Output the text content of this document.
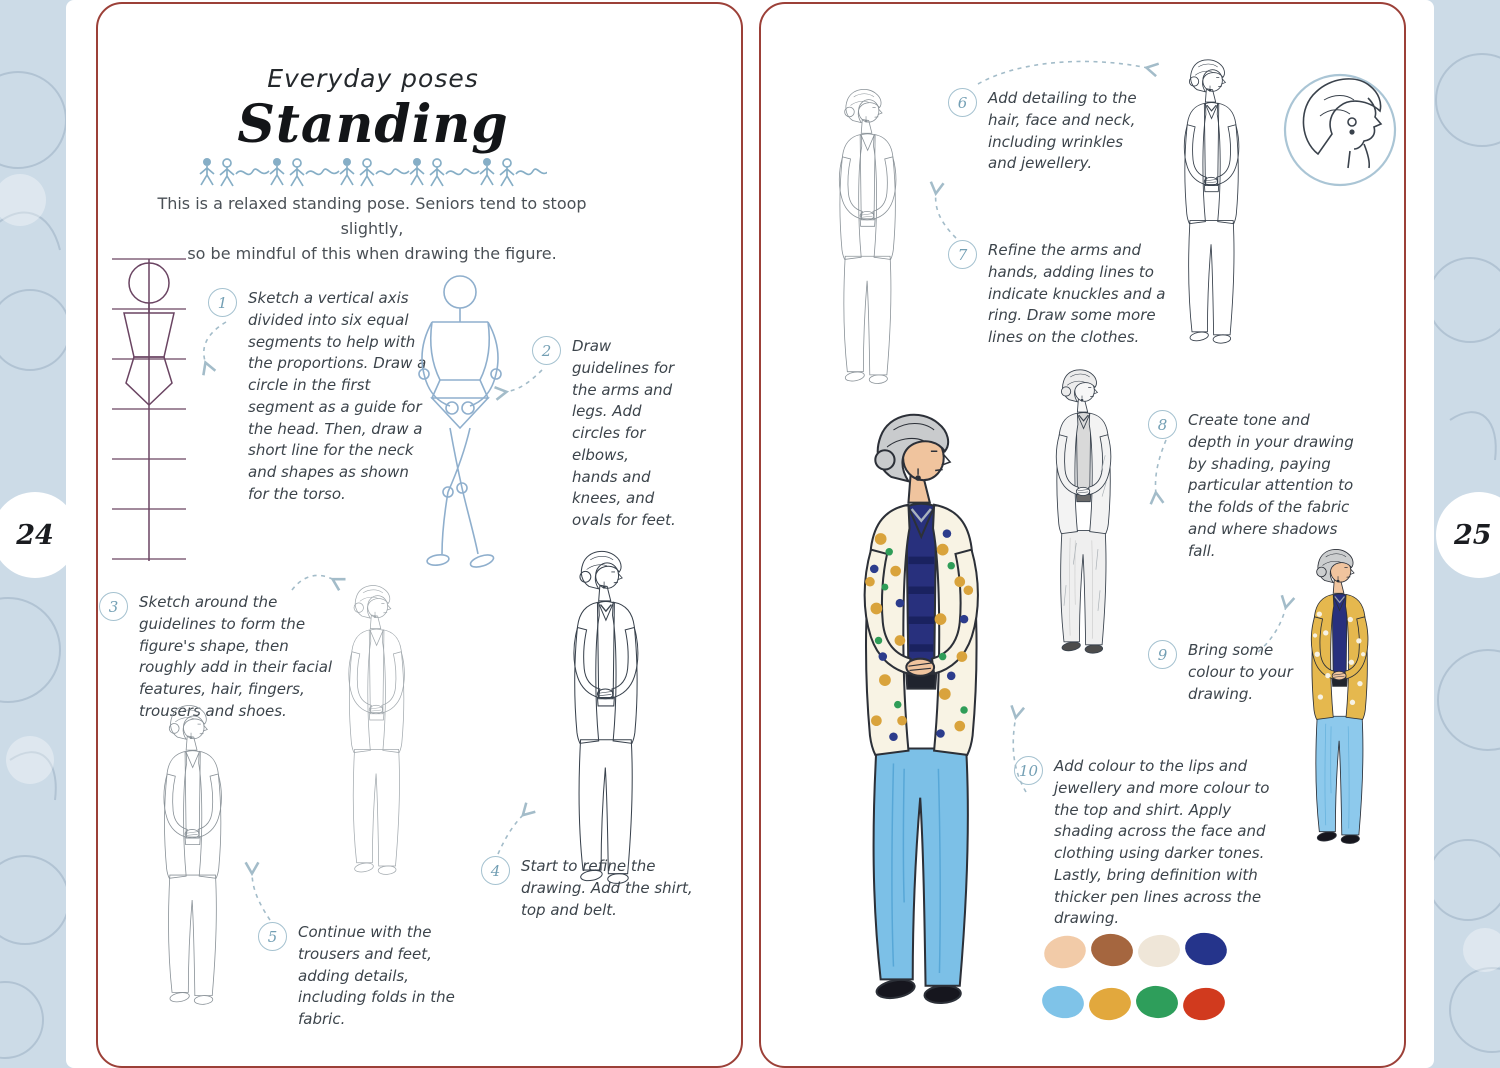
Everyday poses
Standing
This is a relaxed standing pose. Seniors tend to stoop slightly,
so be mindful of this when drawing the figure.
1	Sketch a vertical axis divided into six equal segments to help with the proportions. Draw a circle in the first segment as a guide for the head. Then, draw a short line for the neck and shapes as shown for the torso.
2	Draw guidelines for the arms and legs. Add circles for elbows, hands and knees, and ovals for feet.
3	Sketch around the guidelines to form the figure's shape, then roughly add in their facial features, hair, fingers, trousers and shoes.
4	Start to refine the drawing. Add the shirt, top and belt.
5	Continue with the trousers and feet, adding details, including folds in the fabric.
6	Add detailing to the hair, face and neck, including wrinkles and jewellery.
7	Refine the arms and hands, adding lines to indicate knuckles and a ring. Draw some more lines on the clothes.
8	Create tone and depth in your drawing by shading, paying particular attention to the folds of the fabric and where shadows fall.
9	Bring some colour to your drawing.
10	Add colour to the lips and jewellery and more colour to the top and shirt. Apply shading across the face and clothing using darker tones. Lastly, bring definition with thicker pen lines across the drawing.
24	25
